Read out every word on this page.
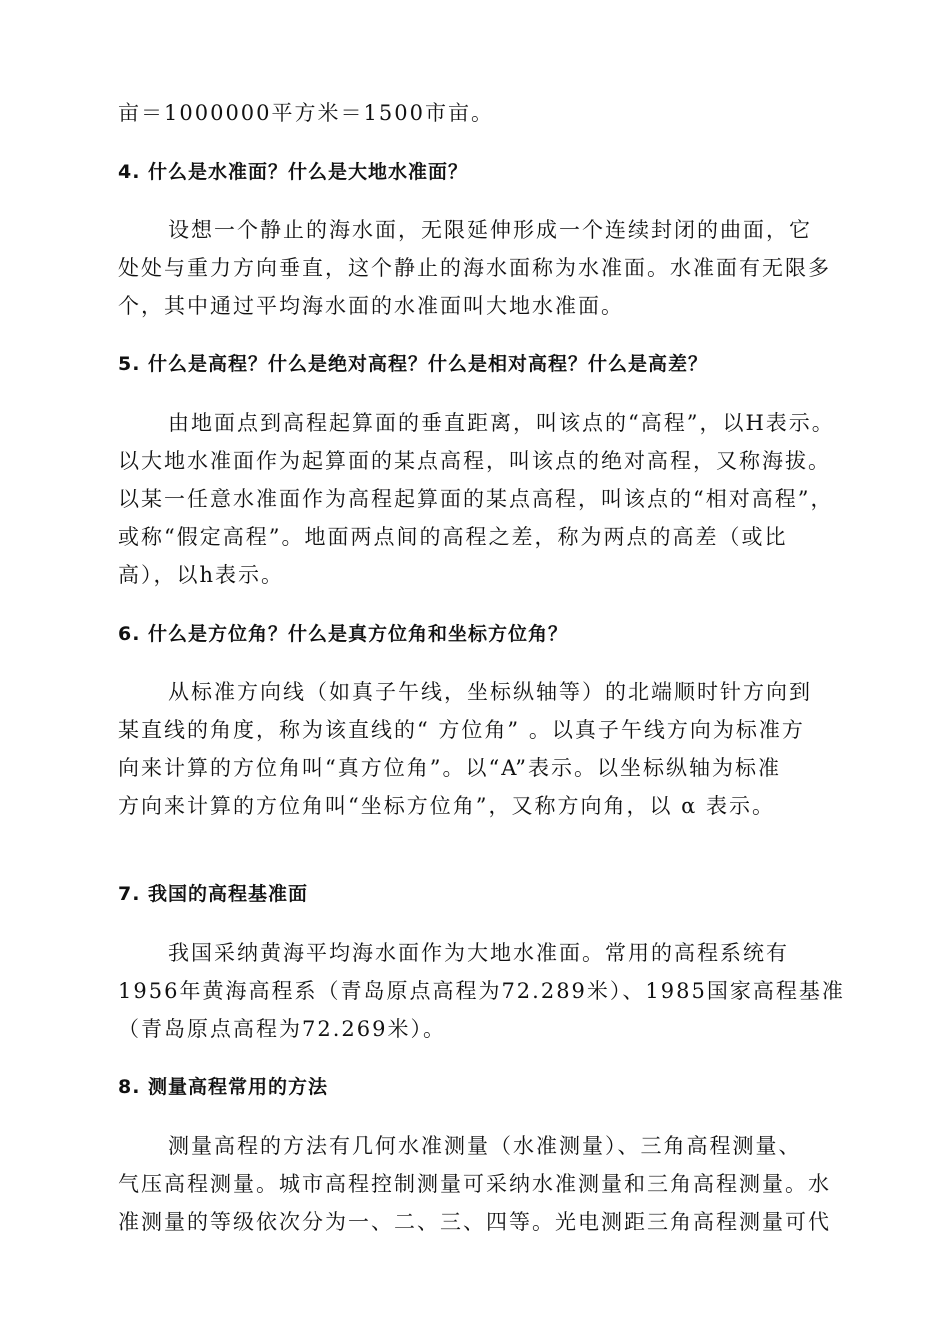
亩＝1000000平方米＝1500市亩。
4. 什么是水准面？什么是大地水准面？
设想一个静止的海水面，无限延伸形成一个连续封闭的曲面，它
处处与重力方向垂直，这个静止的海水面称为水准面。水准面有无限多
个，其中通过平均海水面的水准面叫大地水准面。
5. 什么是高程？什么是绝对高程？什么是相对高程？什么是高差？
由地面点到高程起算面的垂直距离，叫该点的“高程”，以H表示。
以大地水准面作为起算面的某点高程，叫该点的绝对高程，又称海拔。
以某一任意水准面作为高程起算面的某点高程，叫该点的“相对高程”，
或称“假定高程”。地面两点间的高程之差，称为两点的高差（或比
高），以h表示。
6. 什么是方位角？什么是真方位角和坐标方位角？
从标准方向线（如真子午线，坐标纵轴等）的北端顺时针方向到
某直线的角度，称为该直线的“ 方位角” 。以真子午线方向为标准方
向来计算的方位角叫“真方位角”。以“A”表示。以坐标纵轴为标准
方向来计算的方位角叫“坐标方位角”，又称方向角，以 α 表示。
7. 我国的高程基准面
我国采纳黄海平均海水面作为大地水准面。常用的高程系统有
1956年黄海高程系（青岛原点高程为72.289米）、1985国家高程基准
（青岛原点高程为72.269米）。
8. 测量高程常用的方法
测量高程的方法有几何水准测量（水准测量）、三角高程测量、
气压高程测量。城市高程控制测量可采纳水准测量和三角高程测量。水
准测量的等级依次分为一、二、三、四等。光电测距三角高程测量可代
